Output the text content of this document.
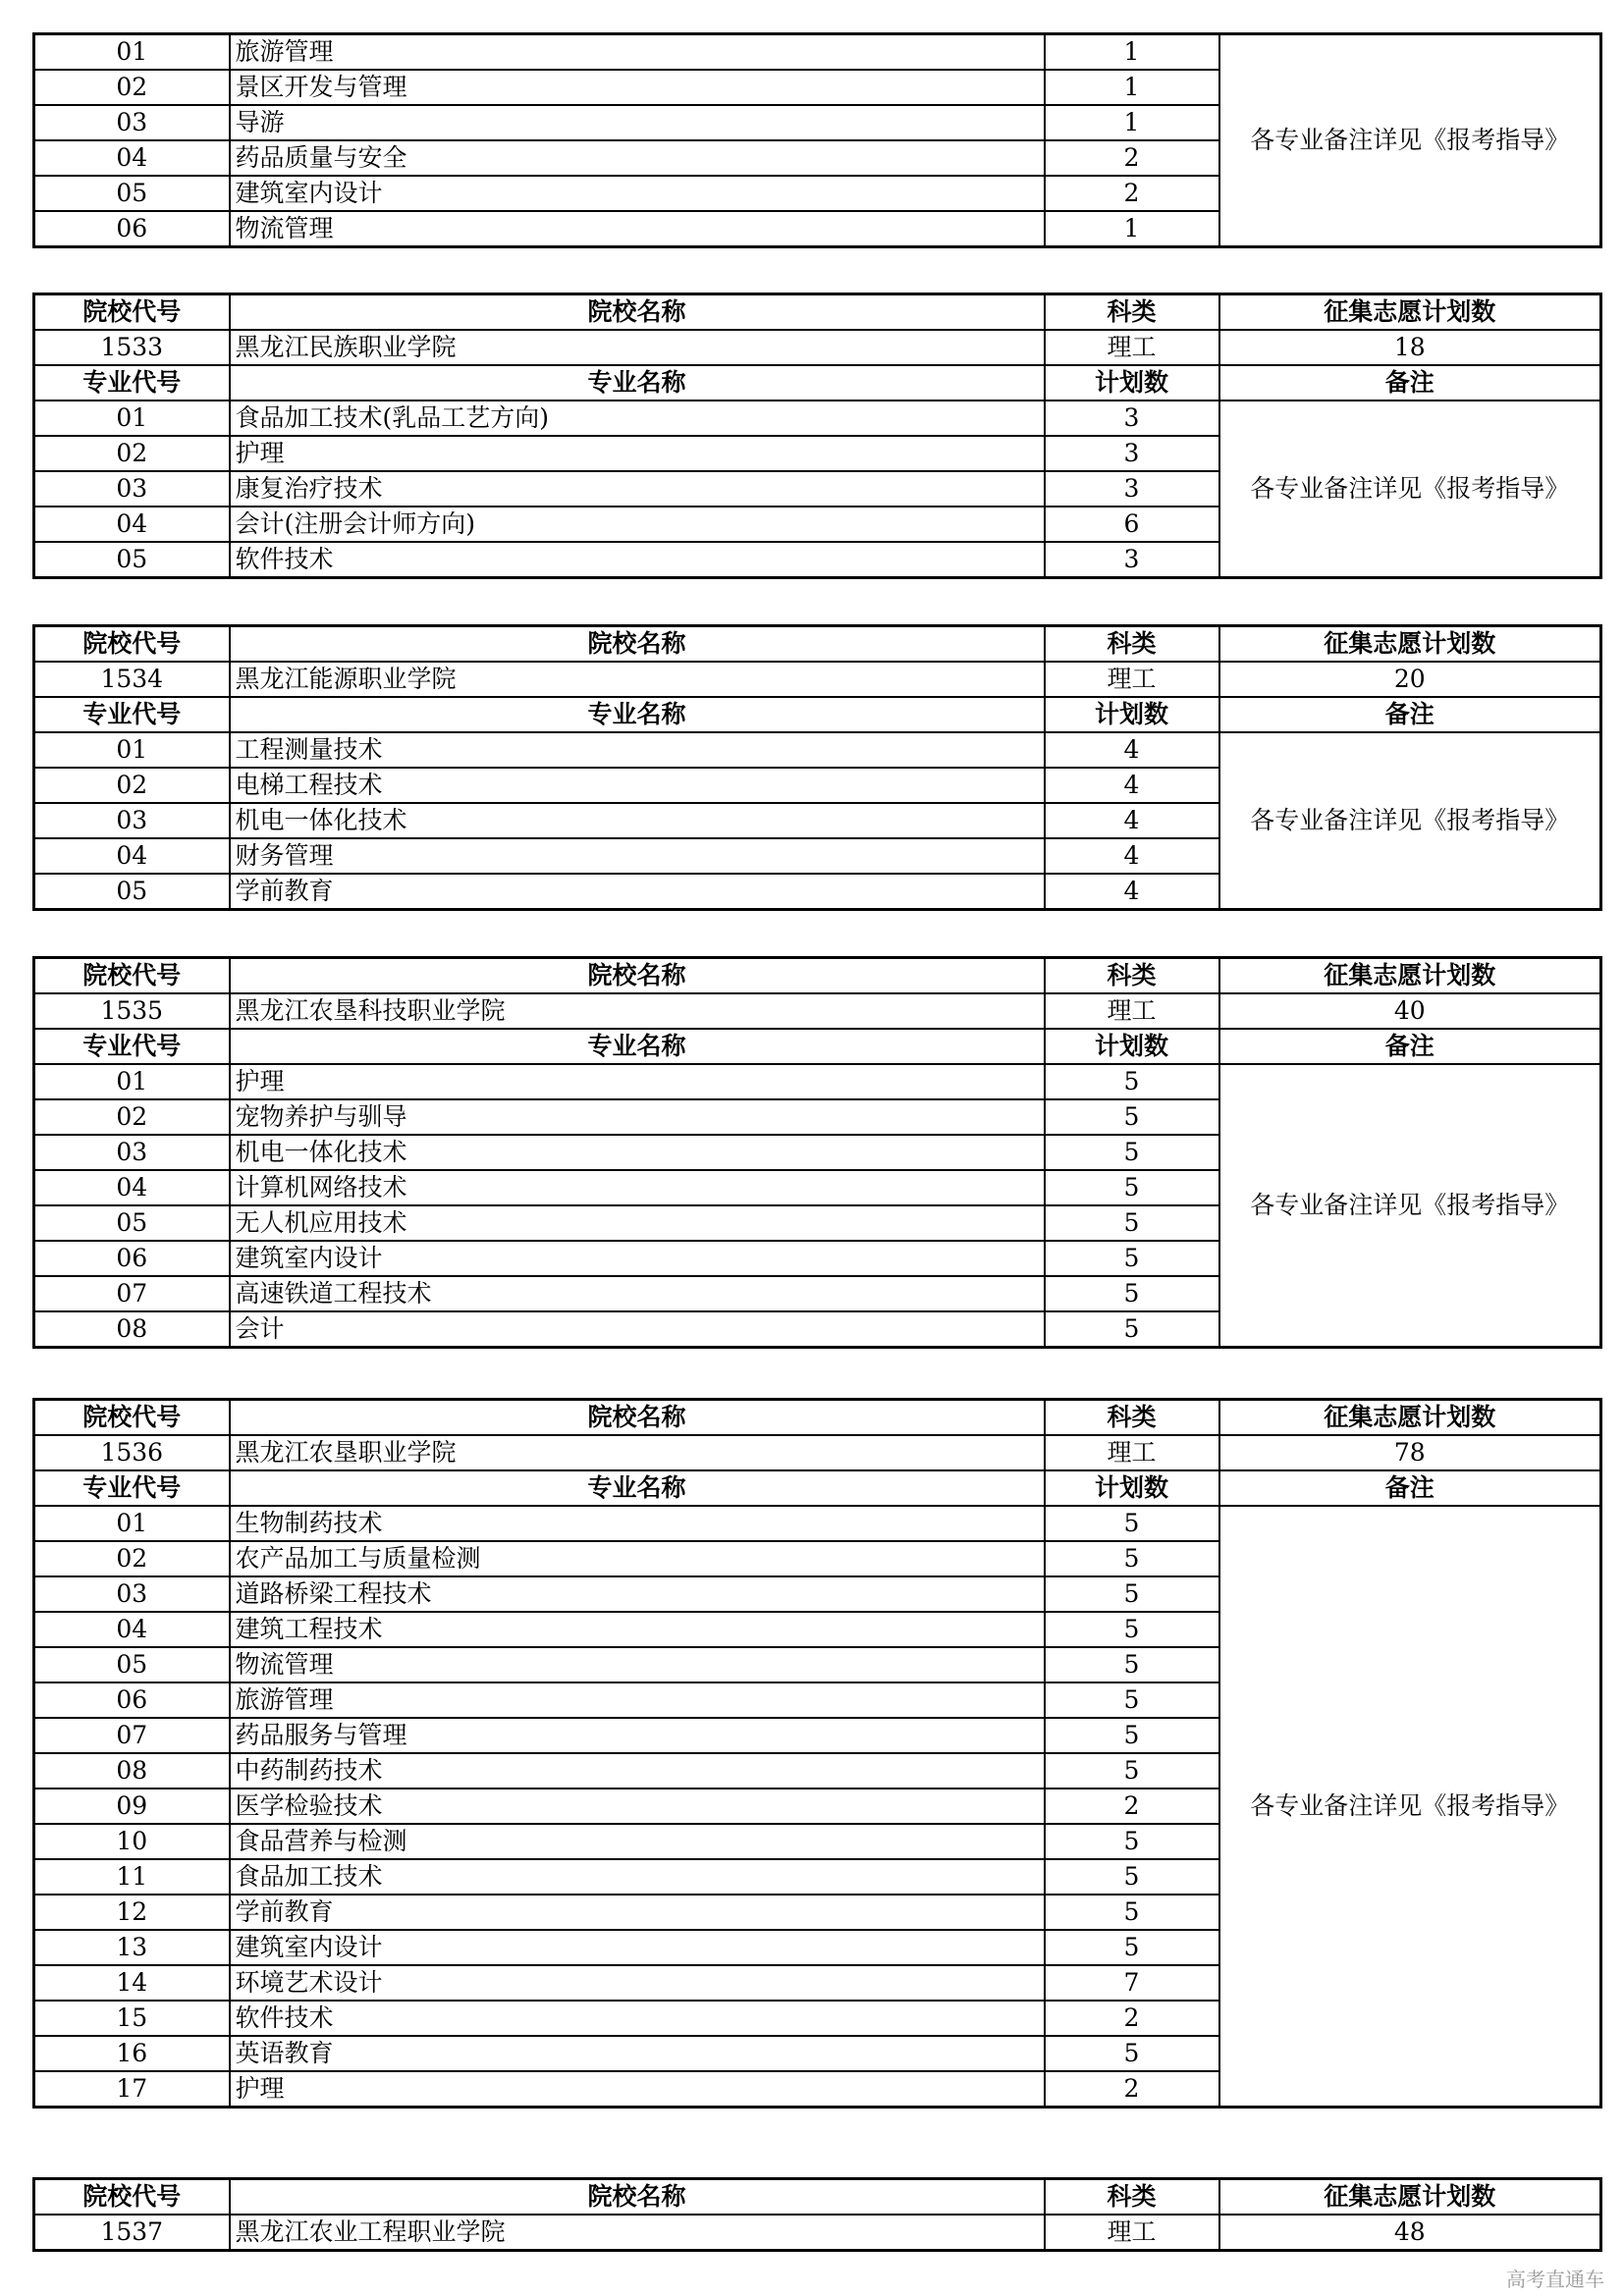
01	旅游管理	1	各专业备注详见《报考指导》
02	景区开发与管理	1	
03	导游	1	
04	药品质量与安全	2	
05	建筑室内设计	2	
06	物流管理	1	
院校代号	院校名称	科类	征集志愿计划数
1533	黑龙江民族职业学院	理工	18
专业代号	专业名称	计划数	备注
01	食品加工技术(乳品工艺方向)	3	各专业备注详见《报考指导》
02	护理	3	
03	康复治疗技术	3	
04	会计(注册会计师方向)	6	
05	软件技术	3	
院校代号	院校名称	科类	征集志愿计划数
1534	黑龙江能源职业学院	理工	20
专业代号	专业名称	计划数	备注
01	工程测量技术	4	各专业备注详见《报考指导》
02	电梯工程技术	4	
03	机电一体化技术	4	
04	财务管理	4	
05	学前教育	4	
院校代号	院校名称	科类	征集志愿计划数
1535	黑龙江农垦科技职业学院	理工	40
专业代号	专业名称	计划数	备注
01	护理	5	各专业备注详见《报考指导》
02	宠物养护与驯导	5	
03	机电一体化技术	5	
04	计算机网络技术	5	
05	无人机应用技术	5	
06	建筑室内设计	5	
07	高速铁道工程技术	5	
08	会计	5	
院校代号	院校名称	科类	征集志愿计划数
1536	黑龙江农垦职业学院	理工	78
专业代号	专业名称	计划数	备注
01	生物制药技术	5	各专业备注详见《报考指导》
02	农产品加工与质量检测	5	
03	道路桥梁工程技术	5	
04	建筑工程技术	5	
05	物流管理	5	
06	旅游管理	5	
07	药品服务与管理	5	
08	中药制药技术	5	
09	医学检验技术	2	
10	食品营养与检测	5	
11	食品加工技术	5	
12	学前教育	5	
13	建筑室内设计	5	
14	环境艺术设计	7	
15	软件技术	2	
16	英语教育	5	
17	护理	2	
院校代号	院校名称	科类	征集志愿计划数
1537	黑龙江农业工程职业学院	理工	48
高考直通车
